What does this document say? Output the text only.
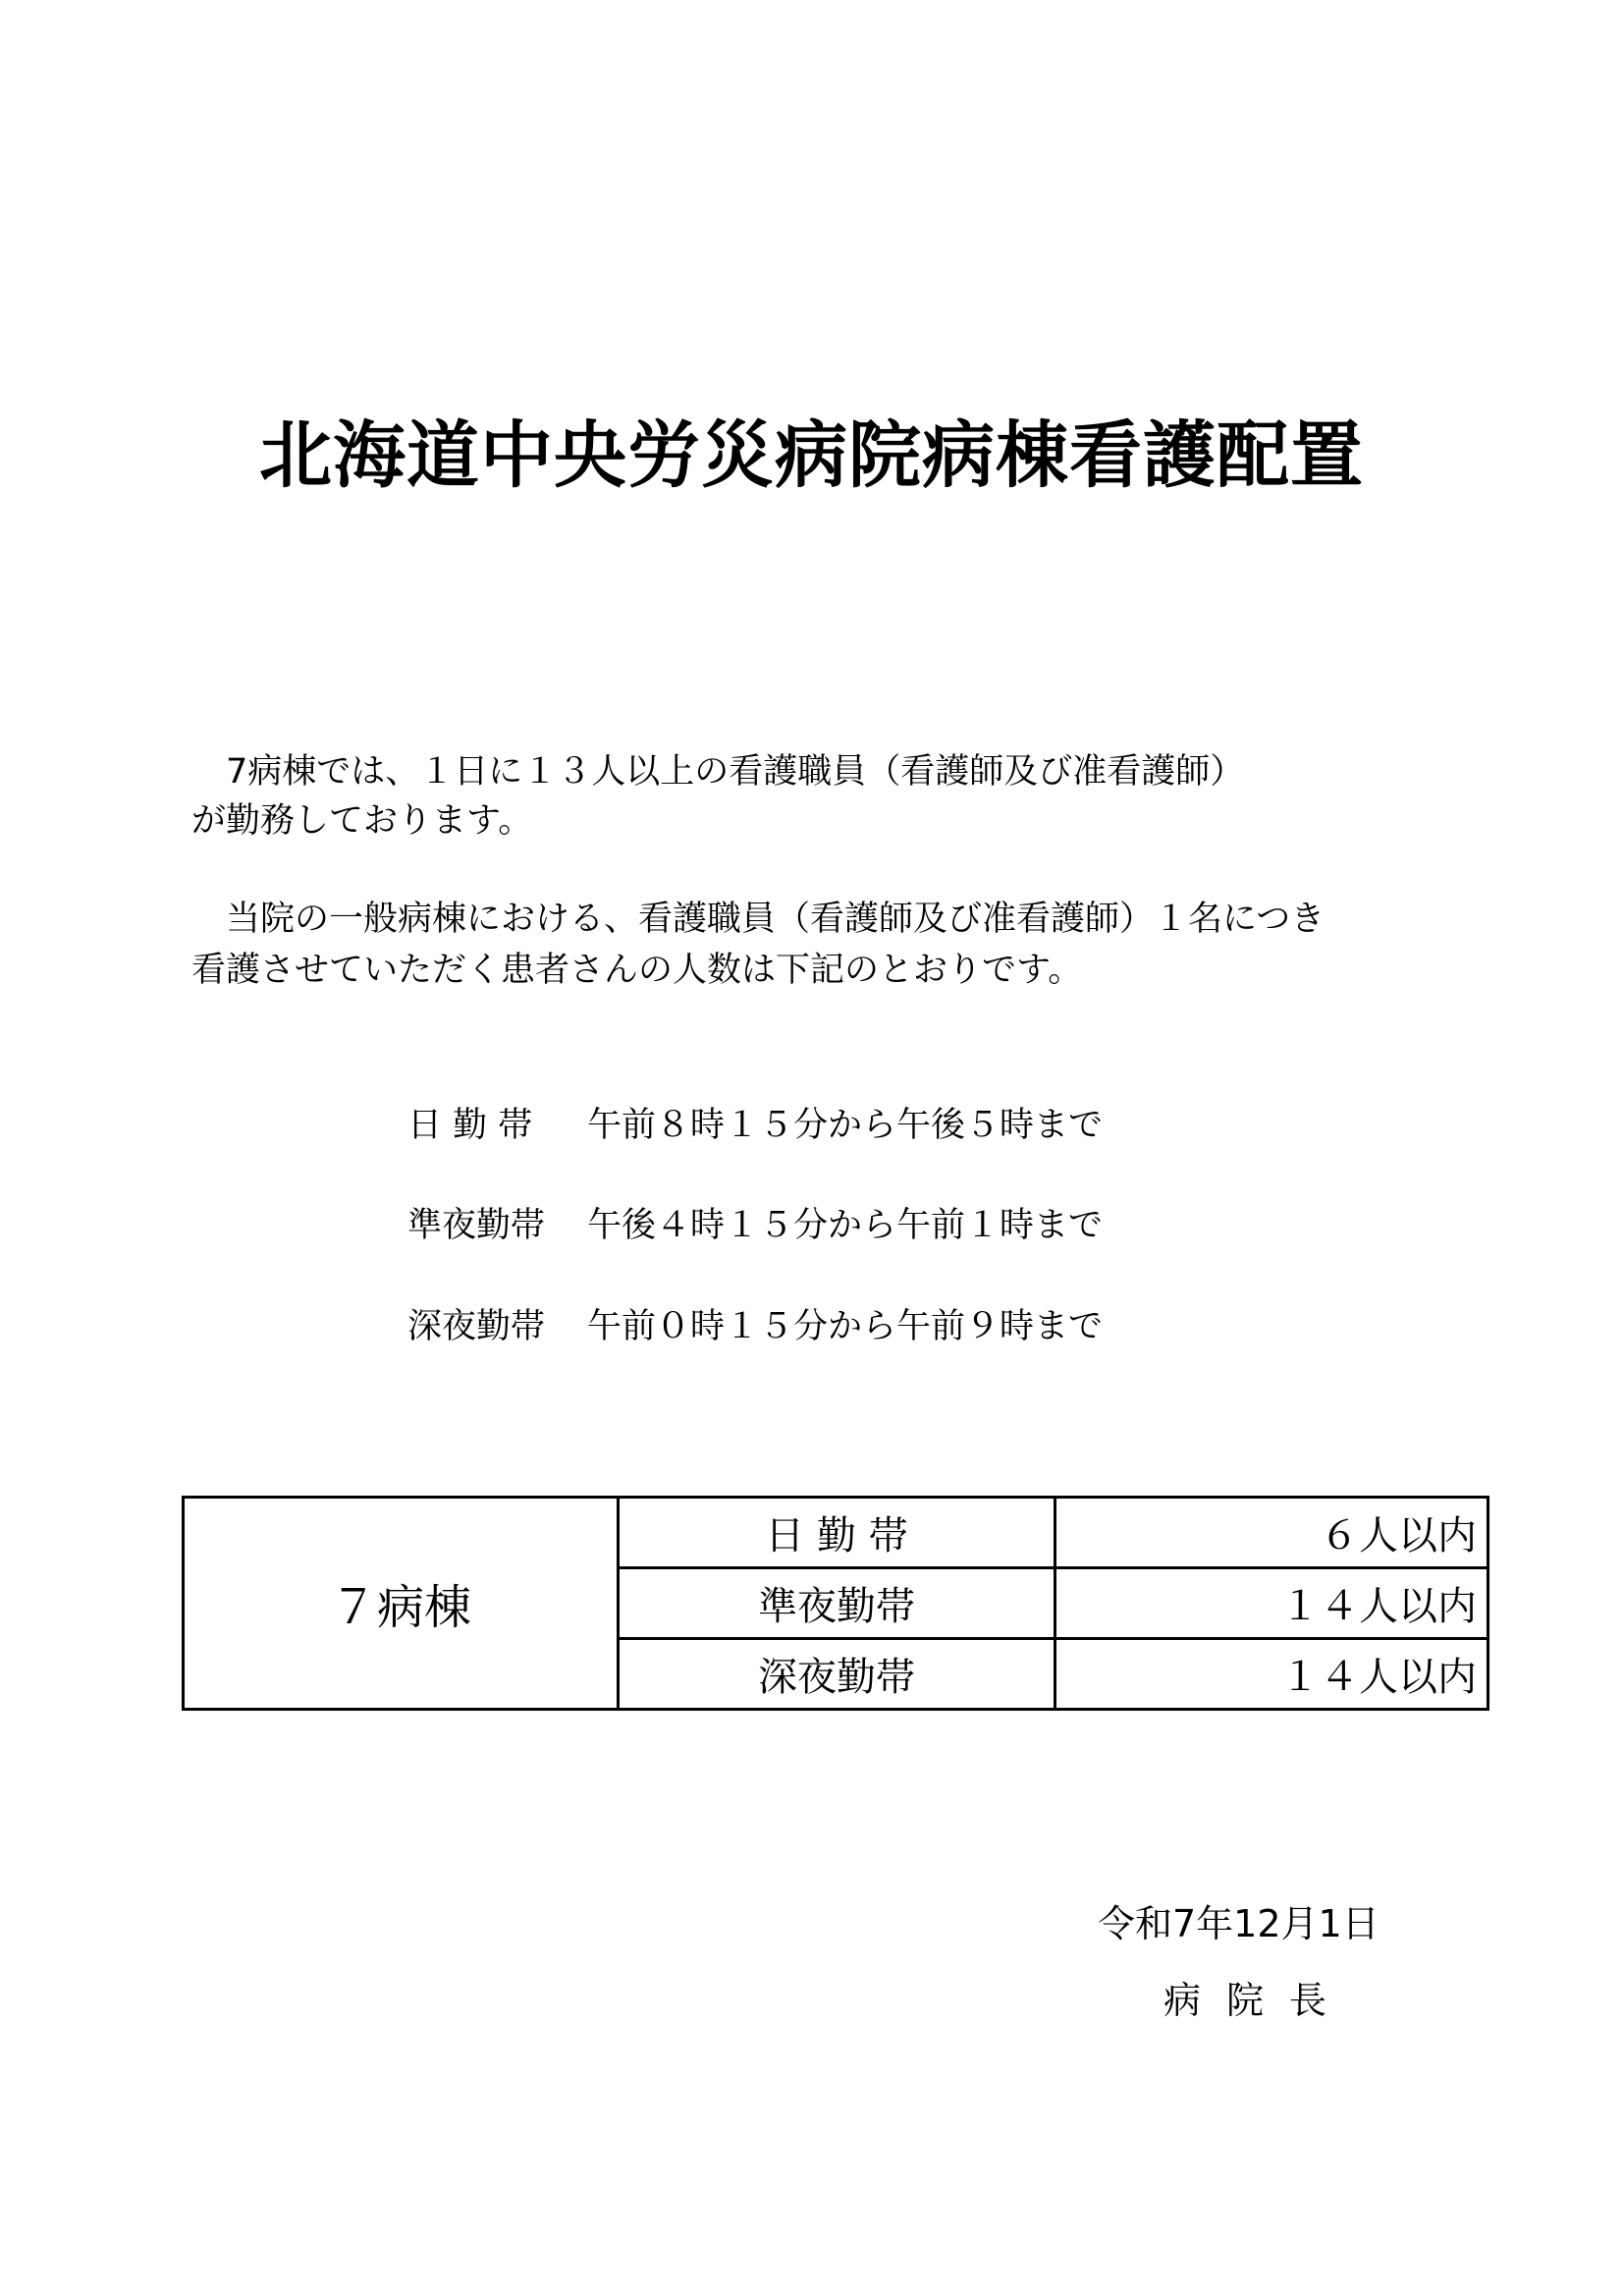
北海道中央労災病院病棟看護配置
　7病棟では、１日に１３人以上の看護職員（看護師及び准看護師）
が勤務しております。
　当院の一般病棟における、看護職員（看護師及び准看護師）１名につき
看護させていただく患者さんの人数は下記のとおりです。
日 勤 帯 午前８時１５分から午後５時まで
準夜勤帯 午後４時１５分から午前１時まで
深夜勤帯 午前０時１５分から午前９時まで
７病棟	日 勤 帯	６人以内
	準夜勤帯	１４人以内
	深夜勤帯	１４人以内
令和7年12月1日
病院長
